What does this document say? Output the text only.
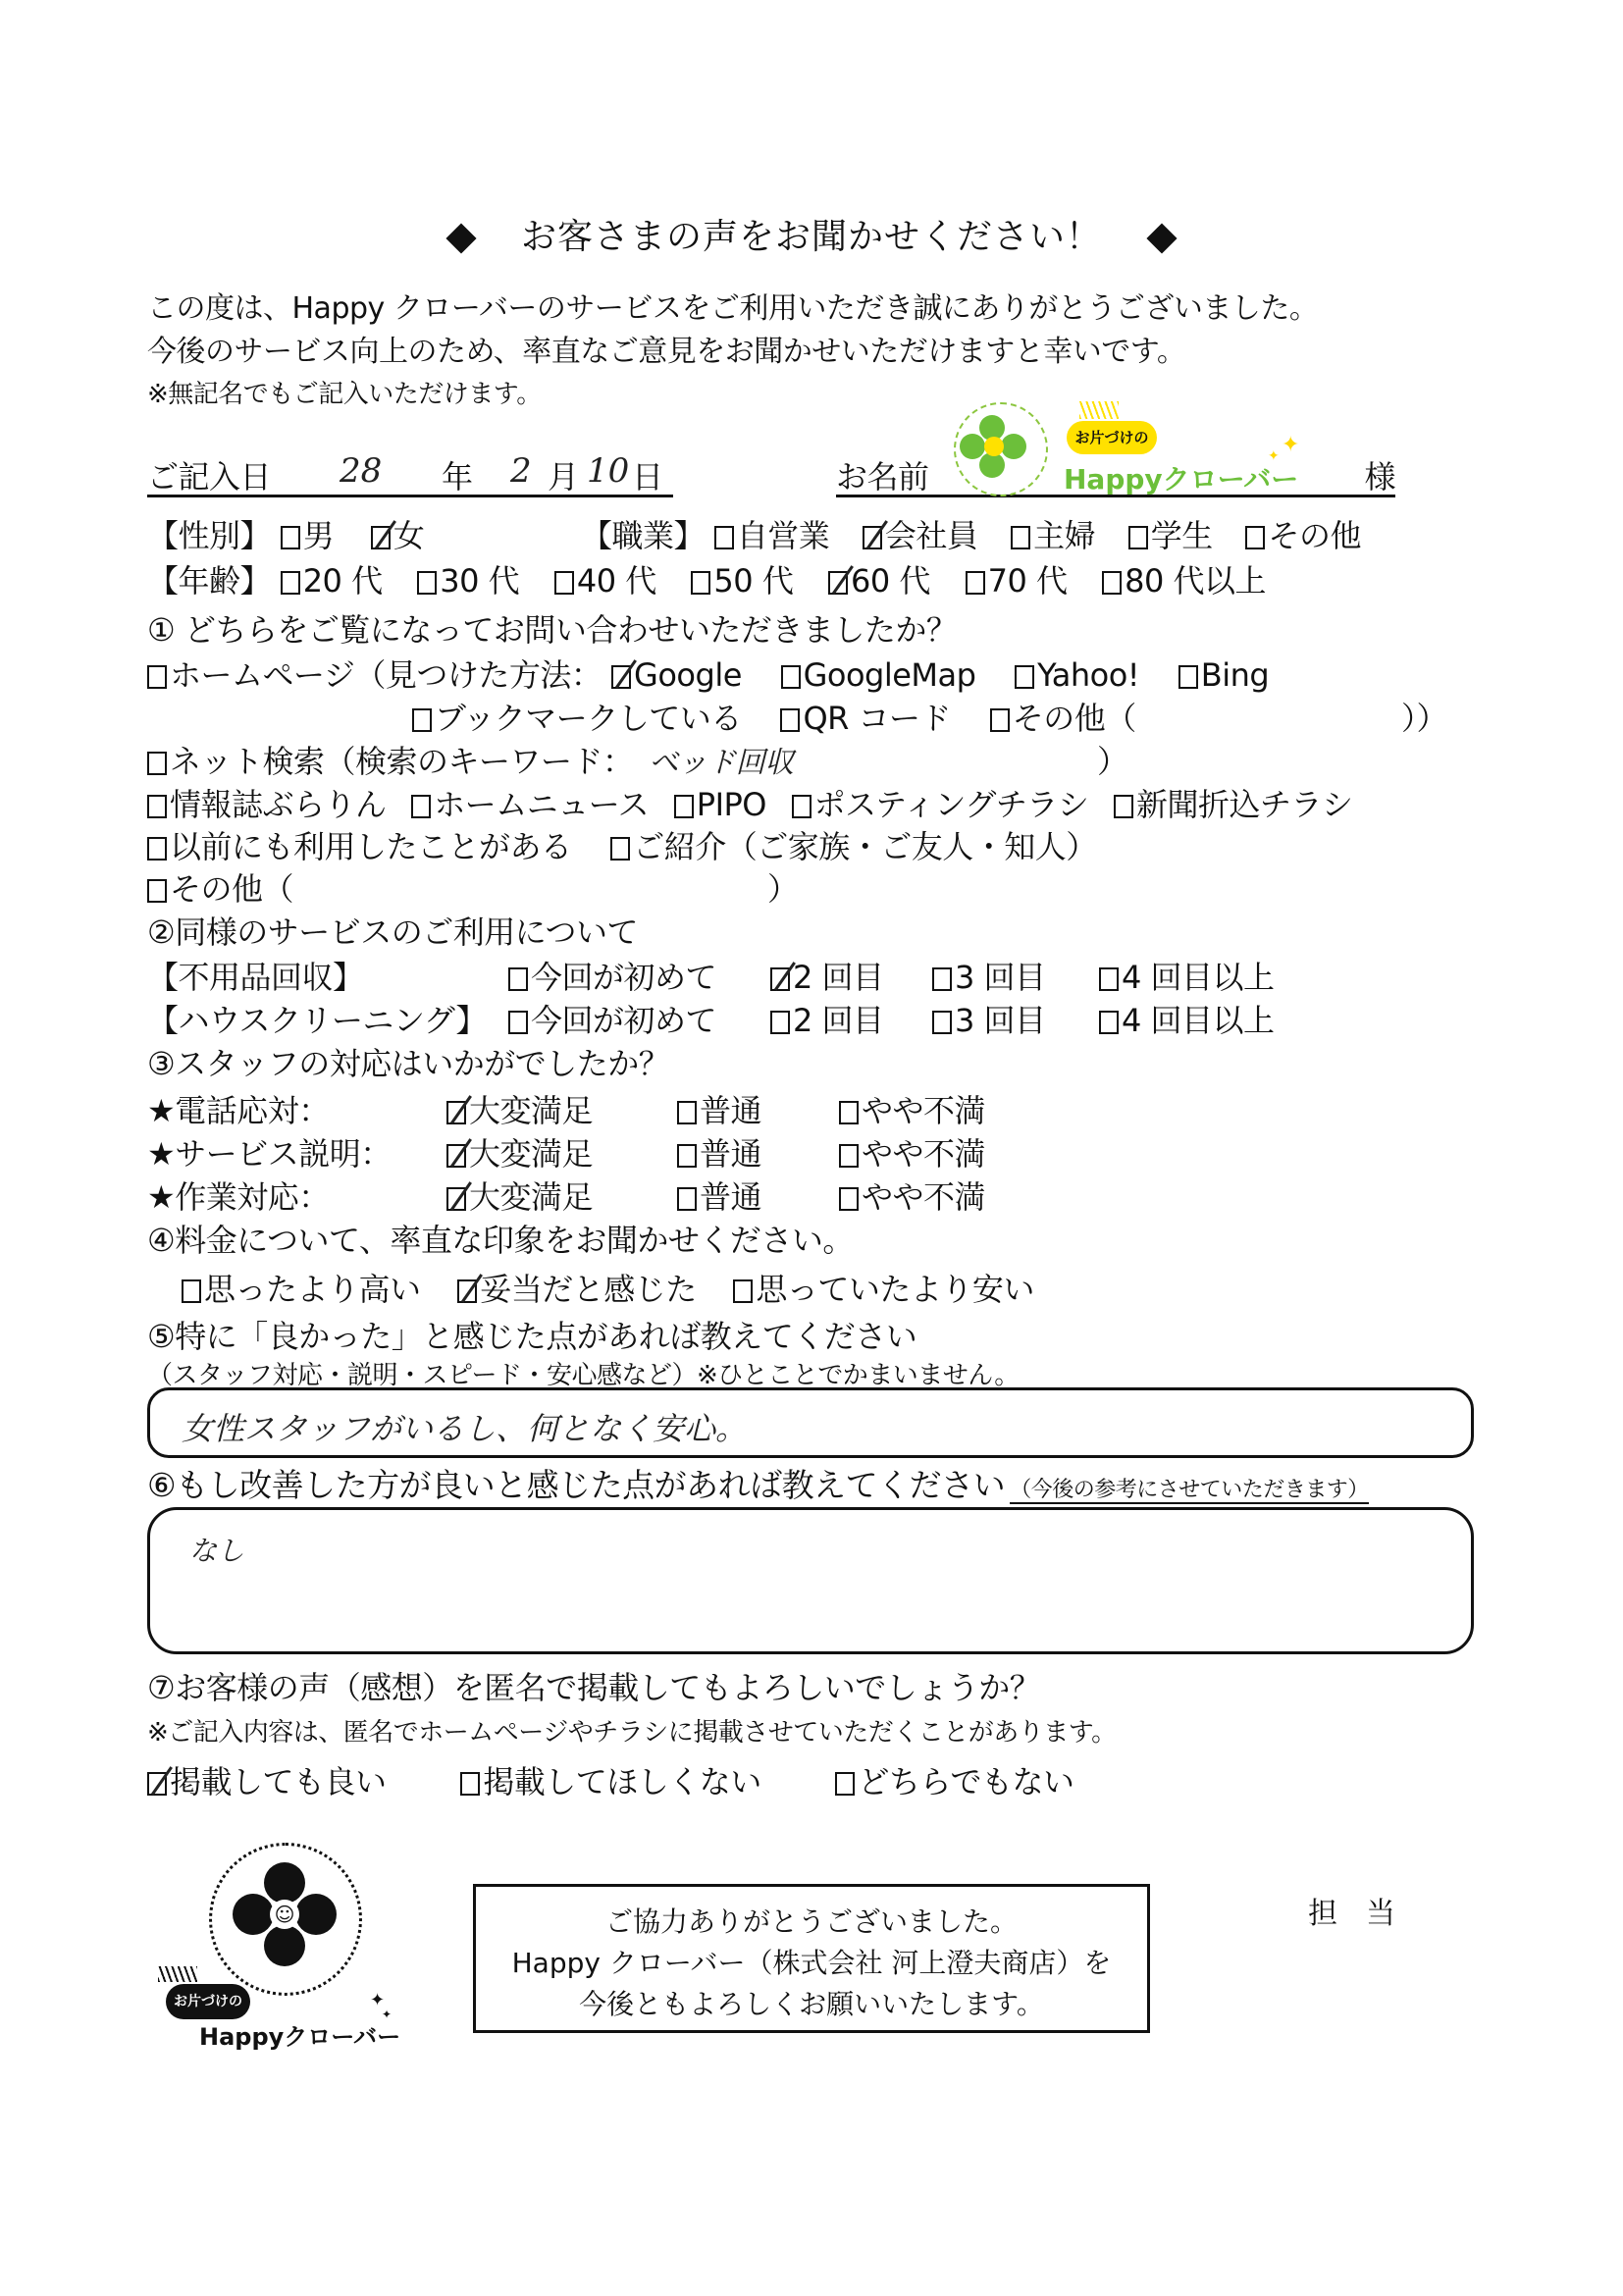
お客さまの声をお聞かせください！
この度は、Happy クローバーのサービスをご利用いただき誠にありがとうございました。
今後のサービス向上のため、率直なご意見をお聞かせいただけますと幸いです。
※無記名でもご記入いただけます。
ご記入日 28 年 2 月 10 日	お名前	様
お片づけの
Happyクローバー
✦
✦
【性別】 男 女	【職業】 自営業 会社員 主婦 学生 その他
【年齢】 20 代 30 代 40 代 50 代 60 代 70 代 80 代以上
① どちらをご覧になってお問い合わせいただきましたか？
ホームページ（見つけた方法： Google GoogleMap Yahoo! Bing
ブックマークしている QR コード その他（	））
ネット検索（検索のキーワード： ベッド回収	）
情報誌ぶらりん ホームニュース PIPO ポスティングチラシ 新聞折込チラシ
以前にも利用したことがある ご紹介（ご家族・ご友人・知人）
その他（	）
②同様のサービスのご利用について
【不用品回収】	今回が初めて	2 回目	3 回目	4 回目以上
【ハウスクリーニング】	今回が初めて	2 回目	3 回目	4 回目以上
③スタッフの対応はいかがでしたか？
★電話応対：	大変満足	普通	やや不満
★サービス説明：	大変満足	普通	やや不満
★作業対応：	大変満足	普通	やや不満
④料金について、率直な印象をお聞かせください。
思ったより高い 妥当だと感じた 思っていたより安い
⑤特に「良かった」と感じた点があれば教えてください
（スタッフ対応・説明・スピード・安心感など）※ひとことでかまいません。
女性スタッフがいるし、何となく安心。
⑥もし改善した方が良いと感じた点があれば教えてください （今後の参考にさせていただきます）
なし
⑦お客様の声（感想）を匿名で掲載してもよろしいでしょうか？
※ご記入内容は、匿名でホームページやチラシに掲載させていただくことがあります。
掲載しても良い	掲載してほしくない	どちらでもない
☺
お片づけの
Happyクローバー
✦
✦
ご協力ありがとうございました。
Happy クローバー（株式会社 河上澄夫商店）を
今後ともよろしくお願いいたします。
担　当
